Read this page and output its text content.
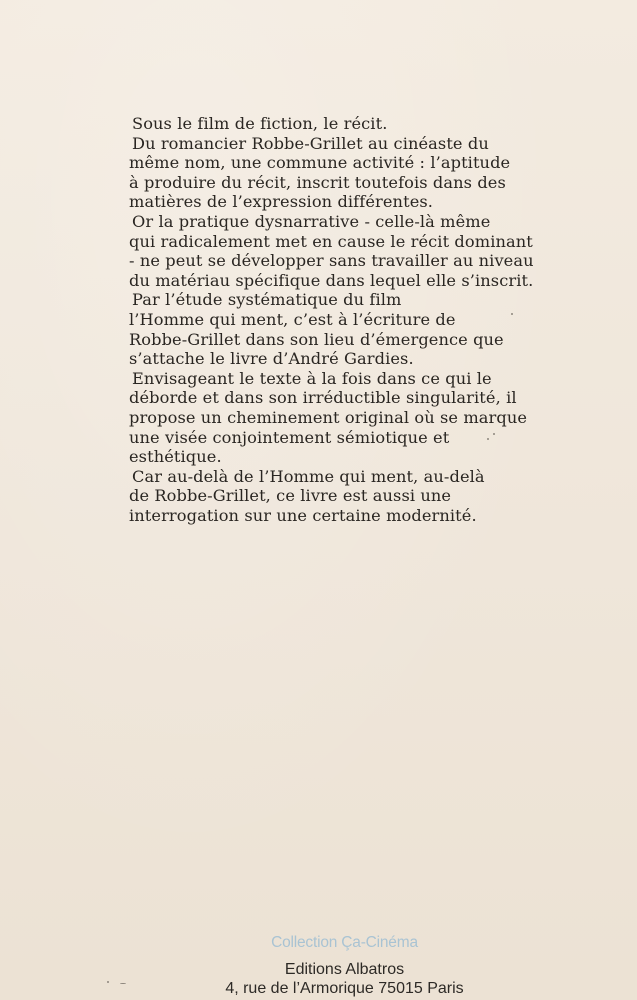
Sous le film de fiction, le récit.

Du romancier Robbe-Grillet au cinéaste du
même nom, une commune activité : l’aptitude
à produire du récit, inscrit toutefois dans des
matières de l’expression différentes.

Or la pratique dysnarrative - celle-là même
qui radicalement met en cause le récit dominant
- ne peut se développer sans travailler au niveau
du matériau spécifique dans lequel elle s’inscrit.

Par l’étude systématique du film
l’Homme qui ment, c’est à l’écriture de
Robbe-Grillet dans son lieu d’émergence que
s’attache le livre d’André Gardies.

Envisageant le texte à la fois dans ce qui le
déborde et dans son irréductible singularité, il
propose un cheminement original où se marque
une visée conjointement sémiotique et
esthétique.

Car au-delà de l’Homme qui ment, au-delà
de Robbe-Grillet, ce livre est aussi une
interrogation sur une certaine modernité.

Collection Ça-Cinéma
Editions Albatros
4, rue de l’Armorique 75015 Paris
